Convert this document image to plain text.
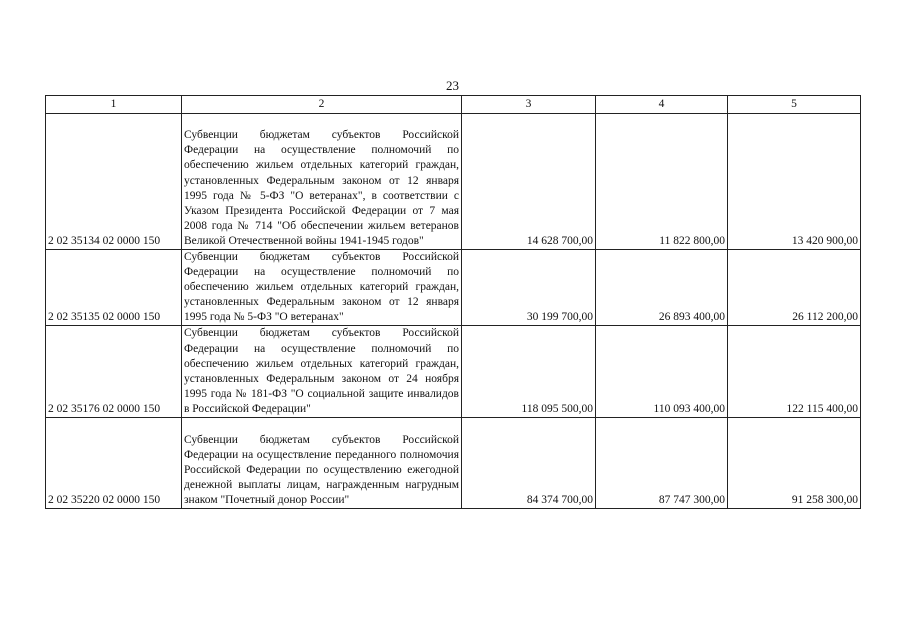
23
1	2	3	4	5
2 02 35134 02 0000 150	Субвенции бюджетам субъектов Российской Федерации на осуществление полномочий по обеспечению жильем отдельных категорий граждан, установленных Федеральным законом от 12 января 1995 года № 5-ФЗ "О ветеранах", в соответствии с Указом Президента Российской Федерации от 7 мая 2008 года № 714 "Об обеспечении жильем ветеранов Великой Отечественной войны 1941-1945 годов"	14 628 700,00	11 822 800,00	13 420 900,00
2 02 35135 02 0000 150	Субвенции бюджетам субъектов Российской Федерации на осуществление полномочий по обеспечению жильем отдельных категорий граждан, установленных Федеральным законом от 12 января 1995 года № 5-ФЗ "О ветеранах"	30 199 700,00	26 893 400,00	26 112 200,00
2 02 35176 02 0000 150	Субвенции бюджетам субъектов Российской Федерации на осуществление полномочий по обеспечению жильем отдельных категорий граждан, установленных Федеральным законом от 24 ноября 1995 года № 181-ФЗ "О социальной защите инвалидов в Российской Федерации"	118 095 500,00	110 093 400,00	122 115 400,00
2 02 35220 02 0000 150	Субвенции бюджетам субъектов Российской Федерации на осуществление переданного полномочия Российской Федерации по осуществлению ежегодной денежной выплаты лицам, награжденным нагрудным знаком "Почетный донор России"	84 374 700,00	87 747 300,00	91 258 300,00
